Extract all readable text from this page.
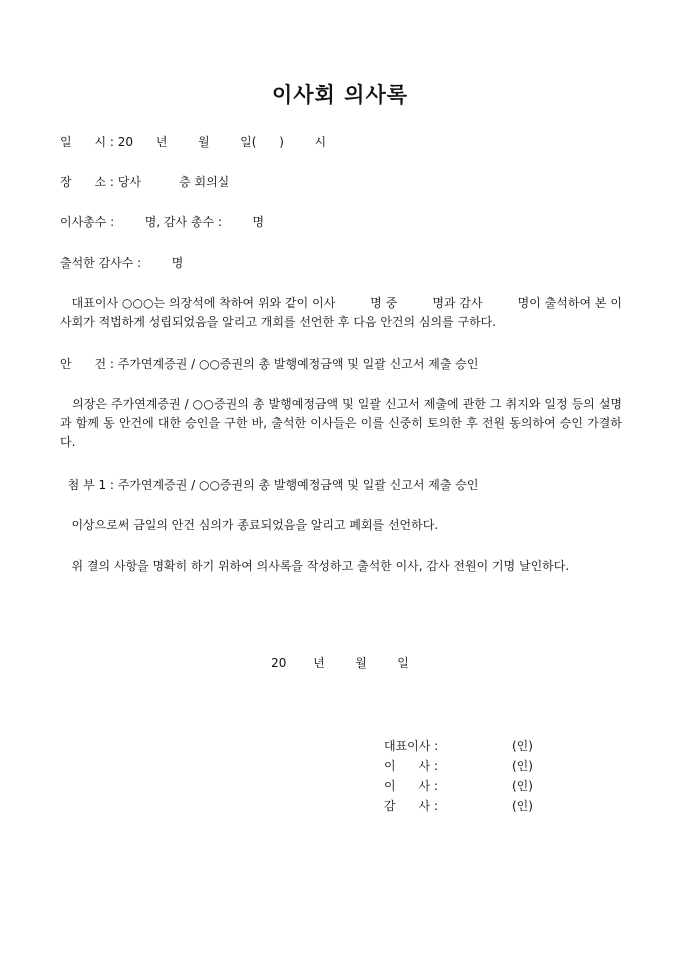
이사회 의사록
일      시 : 20      년        월        일(      )        시
장      소 : 당사          층 회의실
이사총수 :        명, 감사 총수 :        명
출석한 감사수 :        명
대표이사 ○○○는 의장석에 착하여 위와 같이 이사         명 중         명과 감사         명이 출석하여 본 이사회가 적법하게 성립되었음을 알리고 개회를 선언한 후 다음 안건의 심의를 구하다.
안      건 : 주가연계증권 / ○○증권의 총 발행예정금액 및 일괄 신고서 제출 승인
의장은 주가연계증권 / ○○증권의 총 발행예정금액 및 일괄 신고서 제출에 관한 그 취지와 일정 등의 설명과 함께 동 안건에 대한 승인을 구한 바, 출석한 이사들은 이를 신중히 토의한 후 전원 동의하여 승인 가결하다.
첨 부 1 : 주가연계증권 / ○○증권의 총 발행예정금액 및 일괄 신고서 제출 승인
이상으로써 금일의 안건 심의가 종료되었음을 알리고 폐회를 선언하다.
위 결의 사항을 명확히 하기 위하여 의사록을 작성하고 출석한 이사, 감사 전원이 기명 날인하다.
20       년        월        일
대표이사 :	(인)
이      사 :	(인)
이      사 :	(인)
감      사 :	(인)
